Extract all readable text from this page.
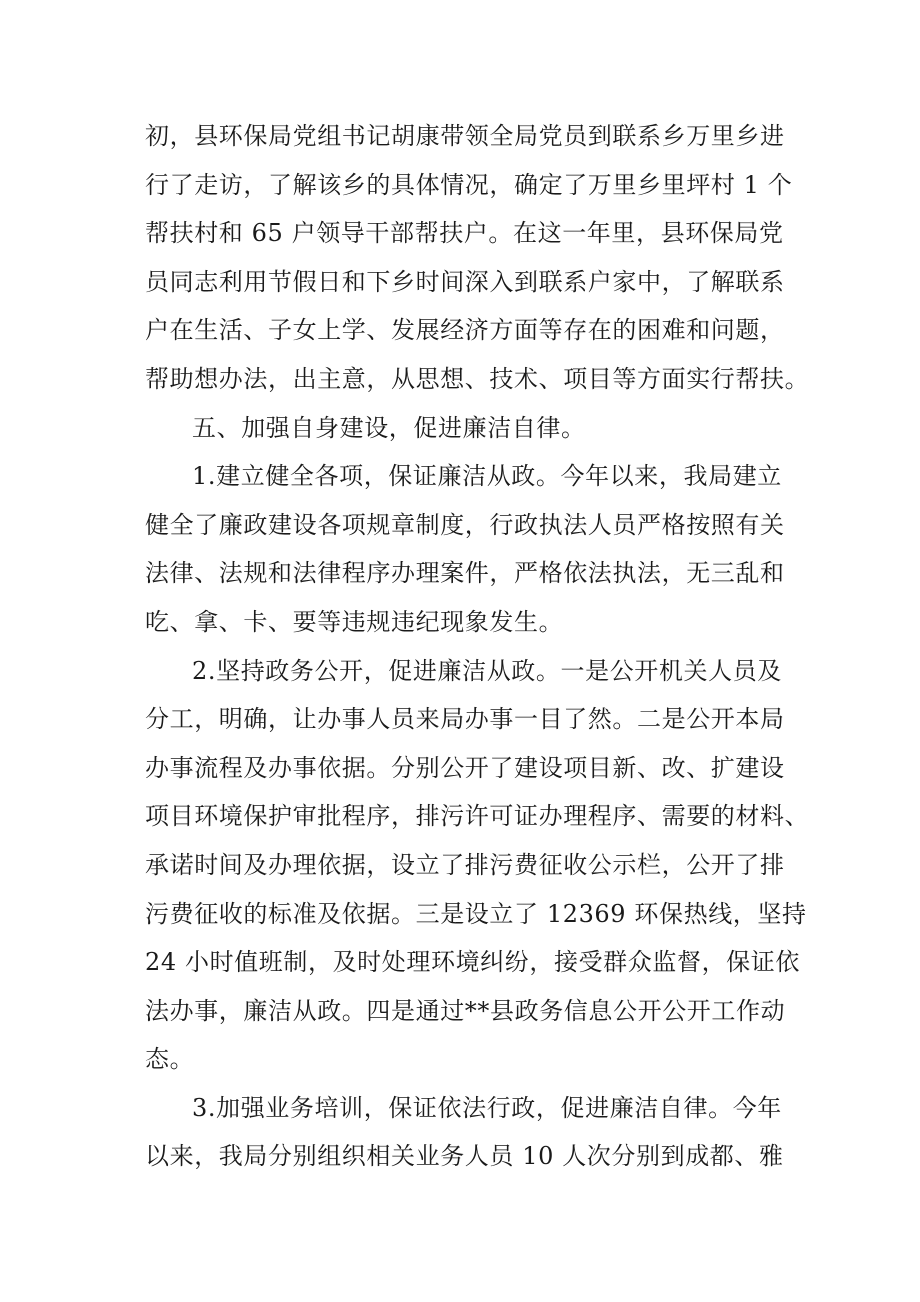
初，县环保局党组书记胡康带领全局党员到联系乡万里乡进
行了走访，了解该乡的具体情况，确定了万里乡里坪村 1 个
帮扶村和 65 户领导干部帮扶户。在这一年里，县环保局党
员同志利用节假日和下乡时间深入到联系户家中，了解联系
户在生活、子女上学、发展经济方面等存在的困难和问题，
帮助想办法，出主意，从思想、技术、项目等方面实行帮扶。
五、加强自身建设，促进廉洁自律。
1.建立健全各项，保证廉洁从政。今年以来，我局建立
健全了廉政建设各项规章制度，行政执法人员严格按照有关
法律、法规和法律程序办理案件，严格依法执法，无三乱和
吃、拿、卡、要等违规违纪现象发生。
2.坚持政务公开，促进廉洁从政。一是公开机关人员及
分工，明确，让办事人员来局办事一目了然。二是公开本局
办事流程及办事依据。分别公开了建设项目新、改、扩建设
项目环境保护审批程序，排污许可证办理程序、需要的材料、
承诺时间及办理依据，设立了排污费征收公示栏，公开了排
污费征收的标准及依据。三是设立了 12369 环保热线，坚持
24 小时值班制，及时处理环境纠纷，接受群众监督，保证依
法办事，廉洁从政。四是通过**县政务信息公开公开工作动
态。
3.加强业务培训，保证依法行政，促进廉洁自律。今年
以来，我局分别组织相关业务人员 10 人次分别到成都、雅
